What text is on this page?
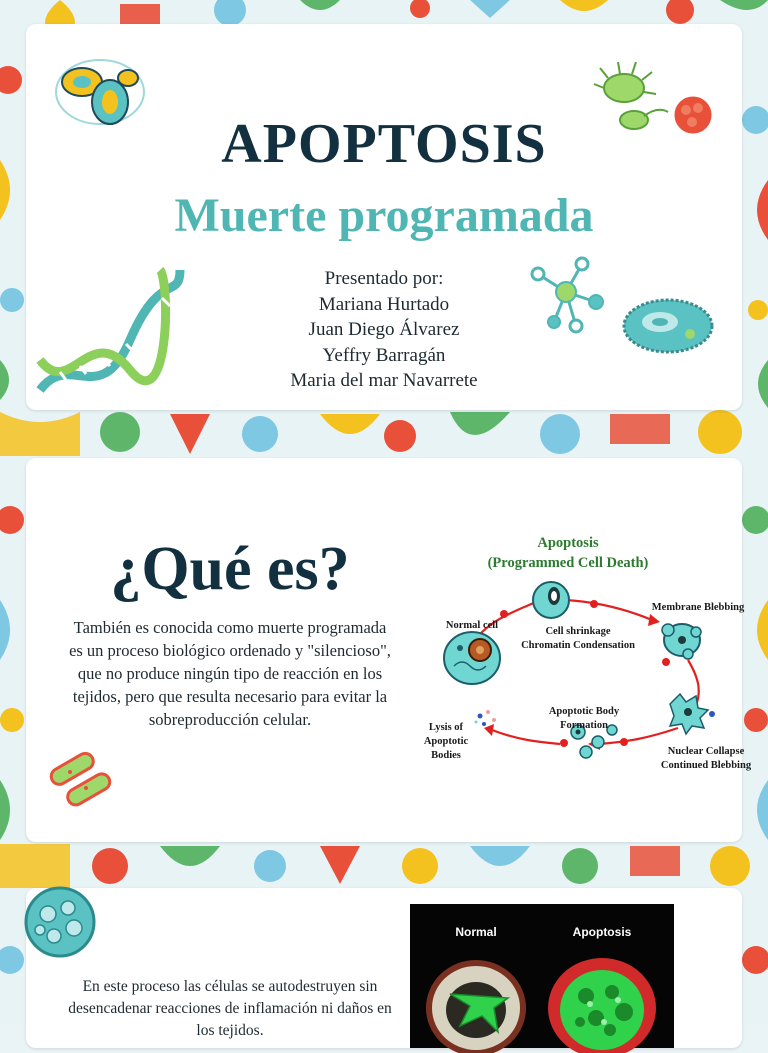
APOPTOSIS
Muerte programada
Presentado por:
Mariana Hurtado
Juan Diego Álvarez
Yeffry Barragán
Maria del mar Navarrete
¿Qué es?

También es conocida como muerte programada es un proceso biológico ordenado y "silencioso", que no produce ningún tipo de reacción en los tejidos, pero que resulta necesario para evitar la sobreproducción celular.

Apoptosis
(Programmed Cell Death)
Normal cell
Cell shrinkage
Chromatin Condensation
Membrane Blebbing
Apoptotic Body
Formation
Nuclear Collapse
Continued Blebbing
Lysis of
Apoptotic
Bodies

En este proceso las células se autodestruyen sin desencadenar reacciones de inflamación ni daños en los tejidos.

Normal	Apoptosis
